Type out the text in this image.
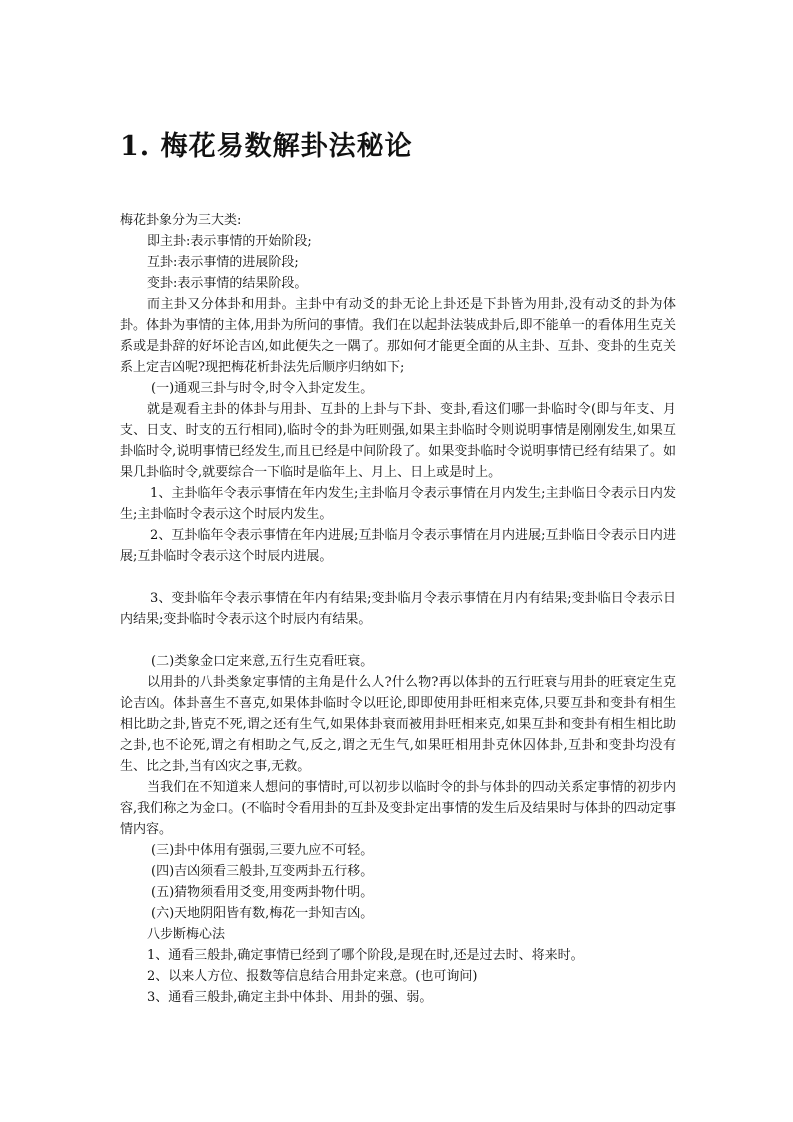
1. 梅花易数解卦法秘论

梅花卦象分为三大类:

即主卦:表示事情的开始阶段;

互卦:表示事情的进展阶段;

变卦:表示事情的结果阶段。

而主卦又分体卦和用卦。主卦中有动爻的卦无论上卦还是下卦皆为用卦,没有动爻的卦为体卦。体卦为事情的主体,用卦为所问的事情。我们在以起卦法装成卦后,即不能单一的看体用生克关系或是卦辞的好坏论吉凶,如此便失之一隅了。那如何才能更全面的从主卦、互卦、变卦的生克关系上定吉凶呢?现把梅花析卦法先后顺序归纳如下;

(一)通观三卦与时令,时令入卦定发生。

就是观看主卦的体卦与用卦、互卦的上卦与下卦、变卦,看这们哪一卦临时令(即与年支、月支、日支、时支的五行相同),临时令的卦为旺则强,如果主卦临时令则说明事情是刚刚发生,如果互卦临时令,说明事情已经发生,而且已经是中间阶段了。如果变卦临时令说明事情已经有结果了。如果几卦临时令,就要综合一下临时是临年上、月上、日上或是时上。

1、主卦临年令表示事情在年内发生;主卦临月令表示事情在月内发生;主卦临日令表示日内发生;主卦临时令表示这个时辰内发生。

2、互卦临年令表示事情在年内进展;互卦临月令表示事情在月内进展;互卦临日令表示日内进展;互卦临时令表示这个时辰内进展。

3、变卦临年令表示事情在年内有结果;变卦临月令表示事情在月内有结果;变卦临日令表示日内结果;变卦临时令表示这个时辰内有结果。

(二)类象金口定来意,五行生克看旺衰。

以用卦的八卦类象定事情的主角是什么人?什么物?再以体卦的五行旺衰与用卦的旺衰定生克论吉凶。体卦喜生不喜克,如果体卦临时令以旺论,即即使用卦旺相来克体,只要互卦和变卦有相生相比助之卦,皆克不死,谓之还有生气,如果体卦衰而被用卦旺相来克,如果互卦和变卦有相生相比助之卦,也不论死,谓之有相助之气,反之,谓之无生气,如果旺相用卦克休囚体卦,互卦和变卦均没有生、比之卦,当有凶灾之事,无救。

当我们在不知道来人想问的事情时,可以初步以临时令的卦与体卦的四动关系定事情的初步内容,我们称之为金口。(不临时令看用卦的互卦及变卦定出事情的发生后及结果时与体卦的四动定事情内容。

(三)卦中体用有强弱,三要九应不可轻。

(四)吉凶须看三般卦,互变两卦五行移。

(五)猜物须看用爻变,用变两卦物什明。

(六)天地阴阳皆有数,梅花一卦知吉凶。

八步断梅心法

1、通看三般卦,确定事情已经到了哪个阶段,是现在时,还是过去时、将来时。

2、以来人方位、报数等信息结合用卦定来意。(也可询问)

3、通看三般卦,确定主卦中体卦、用卦的强、弱。
